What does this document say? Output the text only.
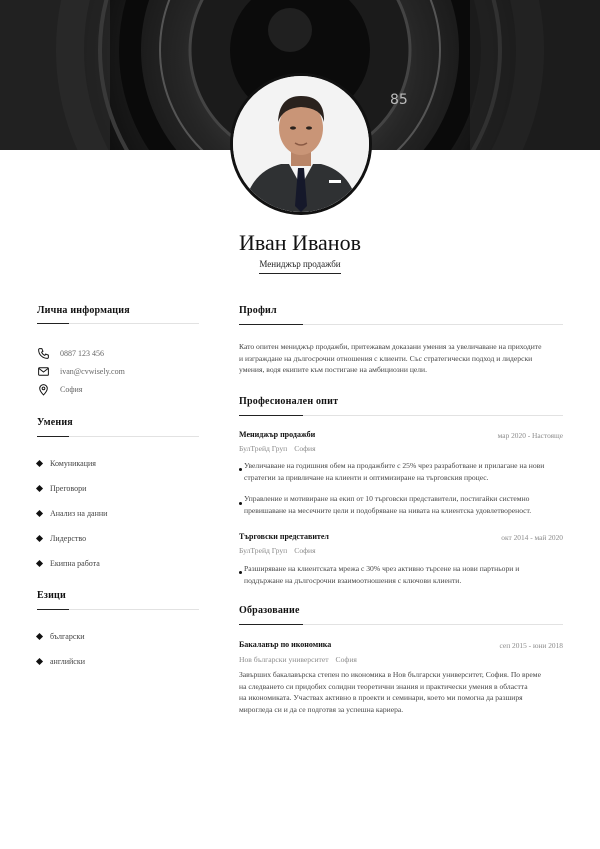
85
Иван Иванов
Мениджър продажби
Лична информация
0887 123 456
ivan@cvwisely.com
София
Умения
Комуникация
Преговори
Анализ на данни
Лидерство
Екипна работа
Езици
български
английски
Профил
Като опитен мениджър продажби, притежавам доказани умения за увеличаване на приходите
и изграждане на дългосрочни отношения с клиенти. Със стратегически подход и лидерски
умения, водя екипите към постигане на амбициозни цели.
Професионален опит
Мениджър продажби	мар 2020 - Настояще
БулТрейд Груп София
Увеличаване на годишния обем на продажбите с 25% чрез разработване и прилагане на нови
стратегии за привличане на клиенти и оптимизиране на търговския процес.
Управление и мотивиране на екип от 10 търговски представители, постигайки системно
превишаване на месечните цели и подобряване на нивата на клиентска удовлетвореност.
Търговски представител	окт 2014 - май 2020
БулТрейд Груп София
Разширяване на клиентската мрежа с 30% чрез активно търсене на нови партньори и
поддържане на дългосрочни взаимоотношения с ключови клиенти.
Образование
Бакалавър по икономика	сеп 2015 - юни 2018
Нов български университет София
Завърших бакалавърска степен по икономика в Нов български университет, София. По време
на следването си придобих солидни теоретични знания и практически умения в областта
на икономиката. Участвах активно в проекти и семинари, което ми помогна да разширя
мирогледа си и да се подготвя за успешна кариера.
